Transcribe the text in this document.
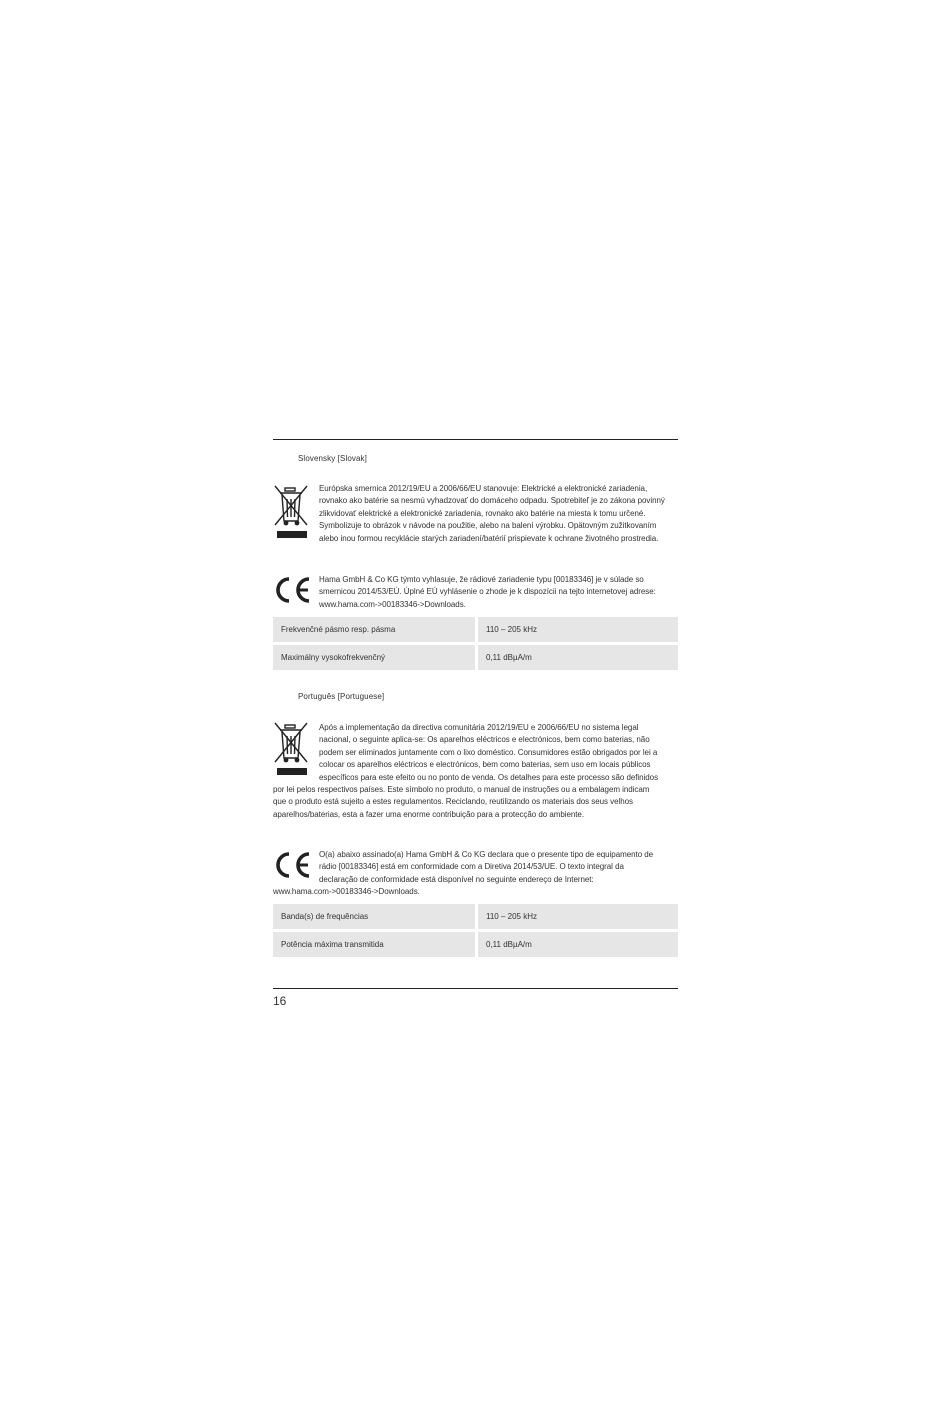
Slovensky [Slovak]
Európska smernica 2012/19/EU a 2006/66/EU stanovuje: Elektrické a elektronické zariadenia,
rovnako ako batérie sa nesmú vyhadzovať do domáceho odpadu. Spotrebiteľ je zo zákona povinný
zlikvidovať elektrické a elektronické zariadenia, rovnako ako batérie na miesta k tomu určené.
Symbolizuje to obrázok v návode na použitie, alebo na balení výrobku. Opätovným zužitkovaním
alebo inou formou recyklácie starých zariadení/batérií prispievate k ochrane životného prostredia.
Hama GmbH & Co KG týmto vyhlasuje, že rádiové zariadenie typu [00183346] je v súlade so
smernicou 2014/53/EÚ. Úplné EÚ vyhlásenie o zhode je k dispozícii na tejto internetovej adrese:
www.hama.com->00183346->Downloads.
Frekvenčné pásmo resp. pásma	110 – 205 kHz
Maximálny vysokofrekvenčný	0,11 dBµA/m
Português [Portuguese]
Após a implementação da directiva comunitária 2012/19/EU e 2006/66/EU no sistema legal
nacional, o seguinte aplica-se: Os aparelhos eléctricos e electrónicos, bem como baterias, não
podem ser eliminados juntamente com o lixo doméstico. Consumidores estão obrigados por lei a
colocar os aparelhos eléctricos e electrónicos, bem como baterias, sem uso em locais públicos
específicos para este efeito ou no ponto de venda. Os detalhes para este processo são definidos
por lei pelos respectivos países. Este símbolo no produto, o manual de instruções ou a embalagem indicam
que o produto está sujeito a estes regulamentos. Reciclando, reutilizando os materiais dos seus velhos
aparelhos/baterias, esta a fazer uma enorme contribuição para a protecção do ambiente.
O(a) abaixo assinado(a) Hama GmbH & Co KG declara que o presente tipo de equipamento de
rádio [00183346] está em conformidade com a Diretiva 2014/53/UE. O texto integral da
declaração de conformidade está disponível no seguinte endereço de Internet:
www.hama.com->00183346->Downloads.
Banda(s) de frequências	110 – 205 kHz
Potência máxima transmitida	0,11 dBµA/m
16
